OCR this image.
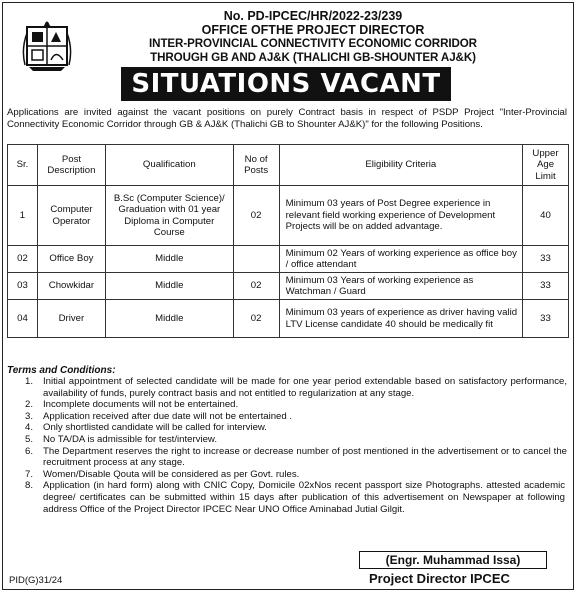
No. PD-IPCEC/HR/2022-23/239
OFFICE OFTHE PROJECT DIRECTOR
INTER-PROVINCIAL CONNECTIVITY ECONOMIC CORRIDOR
THROUGH GB AND AJ&K (THALICHI GB-SHOUNTER AJ&K)
SITUATIONS VACANT
Applications are invited against the vacant positions on purely Contract basis in respect of PSDP Project "Inter-Provincial Connectivity Economic Corridor through GB & AJ&K (Thalichi GB to Shounter AJ&K)" for the following Positions.
Sr.	Post Description	Qualification	No of Posts	Eligibility Criteria	Upper Age Limit
1	Computer Operator	B.Sc (Computer Science)/ Graduation with 01 year Diploma in Computer Course	02	Minimum 03 years of Post Degree experience in relevant field working experience of Development Projects will be on added advantage.	40
02	Office Boy	Middle		Minimum 02 Years of working experience as office boy / office attendant	33
03	Chowkidar	Middle	02	Minimum 03 Years of working experience as Watchman / Guard	33
04	Driver	Middle	02	Minimum 03 years of experience as driver having valid LTV License candidate 40 should be medically fit	33
Terms and Conditions:
1.	Initial appointment of selected candidate will be made for one year period extendable based on satisfactory performance, availability of funds, purely contract basis and not entitled to regularization at any stage.
2.	Incomplete documents will not be entertained.
3.	Application received after due date will not be entertained .
4.	Only shortlisted candidate will be called for interview.
5.	No TA/DA is admissible for test/interview.
6.	The Department reserves the right to increase or decrease number of post mentioned in the advertisement or to cancel the recruitment process at any stage.
7.	Women/Disable Qouta will be considered as per Govt. rules.
8.	Application (in hard form) along with CNIC Copy, Domicile 02xNos recent passport size Photographs. attested academic degree/ certificates can be submitted within 15 days after publication of this advertisement on Newspaper at following address Office of the Project Director IPCEC Near UNO Office Aminabad Jutial Gilgit.
(Engr. Muhammad Issa)
Project Director IPCEC
PID(G)31/24
